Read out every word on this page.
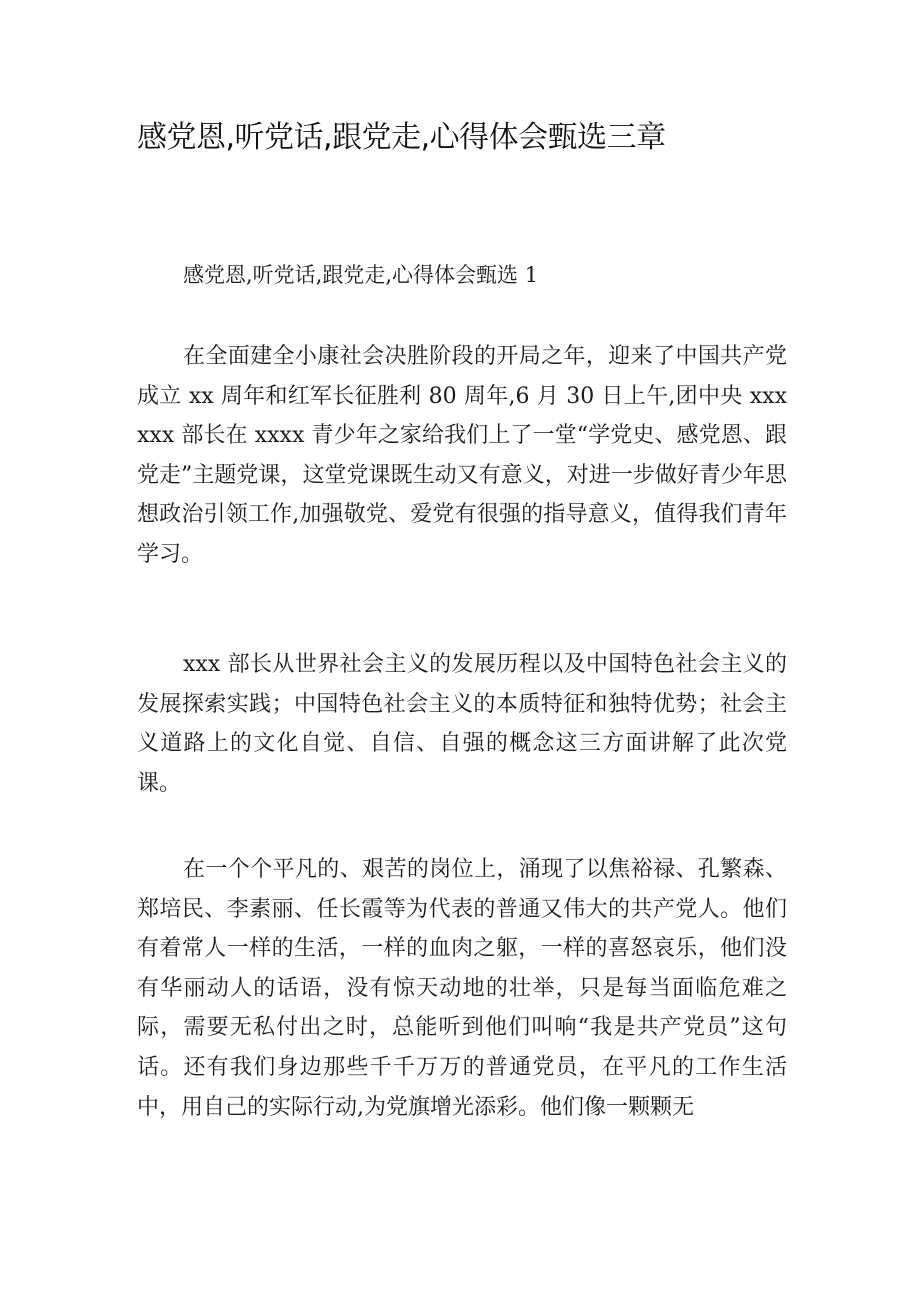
感党恩,听党话,跟党走,心得体会甄选三章

感党恩,听党话,跟党走,心得体会甄选 1

在全面建全小康社会决胜阶段的开局之年，迎来了中国共产党成立 xx 周年和红军长征胜利 80 周年,6 月 30 日上午,团中央 xxxxxx 部长在 xxxx 青少年之家给我们上了一堂“学党史、感党恩、跟党走”主题党课，这堂党课既生动又有意义，对进一步做好青少年思想政治引领工作,加强敬党、爱党有很强的指导意义，值得我们青年学习。

xxx 部长从世界社会主义的发展历程以及中国特色社会主义的发展探索实践；中国特色社会主义的本质特征和独特优势；社会主义道路上的文化自觉、自信、自强的概念这三方面讲解了此次党课。

在一个个平凡的、艰苦的岗位上，涌现了以焦裕禄、孔繁森、郑培民、李素丽、任长霞等为代表的普通又伟大的共产党人。他们有着常人一样的生活，一样的血肉之躯，一样的喜怒哀乐，他们没有华丽动人的话语，没有惊天动地的壮举，只是每当面临危难之际，需要无私付出之时，总能听到他们叫响“我是共产党员”这句话。还有我们身边那些千千万万的普通党员，在平凡的工作生活中，用自己的实际行动,为党旗增光添彩。他们像一颗颗无
